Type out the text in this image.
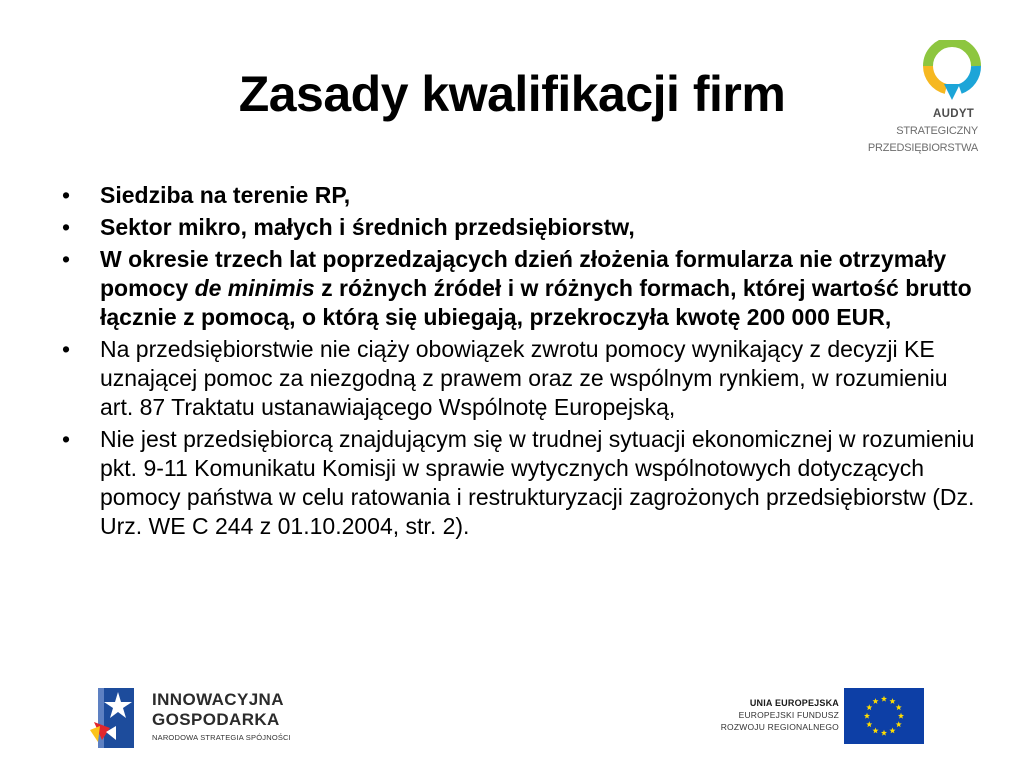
Zasady kwalifikacji firm	AUDYT
STRATEGICZNY
PRZEDSIĘBIORSTWA
• Siedziba na terenie RP,
• Sektor mikro, małych i średnich przedsiębiorstw,
• W okresie trzech lat poprzedzających dzień złożenia formularza nie otrzymały pomocy de minimis z różnych źródeł i w różnych formach, której wartość brutto łącznie z pomocą, o którą się ubiegają, przekroczyła kwotę 200 000 EUR,
• Na przedsiębiorstwie nie ciąży obowiązek zwrotu pomocy wynikający z decyzji KE uznającej pomoc za niezgodną z prawem oraz ze wspólnym rynkiem, w rozumieniu art. 87 Traktatu ustanawiającego Wspólnotę Europejską,
• Nie jest przedsiębiorcą znajdującym się w trudnej sytuacji ekonomicznej w rozumieniu pkt. 9-11 Komunikatu Komisji w sprawie wytycznych wspólnotowych dotyczących pomocy państwa w celu ratowania i restrukturyzacji zagrożonych przedsiębiorstw (Dz. Urz. WE C 244 z 01.10.2004, str. 2).
INNOWACYJNA
GOSPODARKA
NARODOWA STRATEGIA SPÓJNOŚCI
UNIA EUROPEJSKA
EUROPEJSKI FUNDUSZ
ROZWOJU REGIONALNEGO
